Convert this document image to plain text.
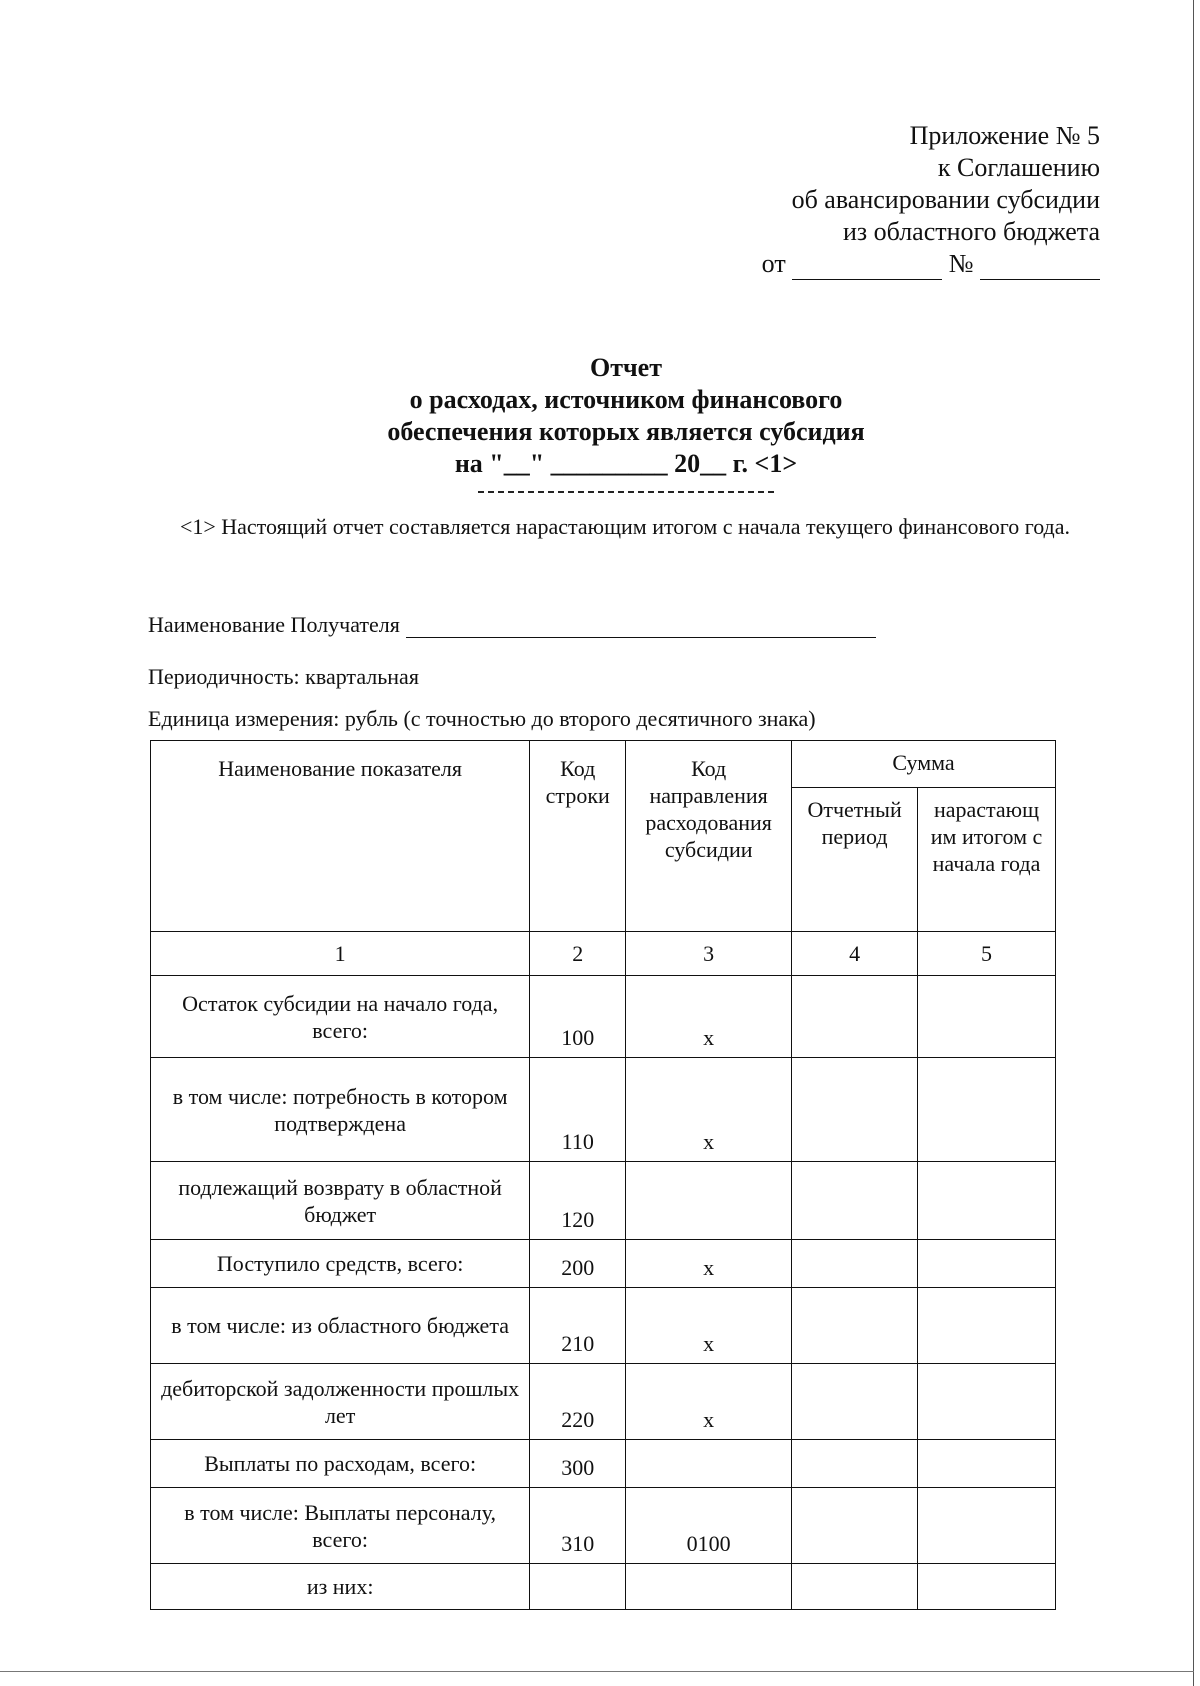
Приложение № 5
к Соглашению
об авансировании субсидии
из областного бюджета
от	№
Отчет
о расходах, источником финансового
обеспечения которых является субсидия
на "__" _________ 20__ г. <1>
<1> Настоящий отчет составляется нарастающим итогом с начала текущего финансового года.
Наименование Получателя
Периодичность: квартальная
Единица измерения: рубль (с точностью до второго десятичного знака)
Наименование показателя	Код строки	Код направления расходования субсидии	Сумма	
			Отчетный период	нарастающ им итогом с начала года
1	2	3	4	5
Остаток субсидии на начало года, всего:	100	x		
в том числе: потребность в котором подтверждена	110	x		
подлежащий возврату в областной бюджет	120			
Поступило средств, всего:	200	x		
в том числе: из областного бюджета	210	x		
дебиторской задолженности прошлых лет	220	x		
Выплаты по расходам, всего:	300			
в том числе: Выплаты персоналу, всего:	310	0100		
из них:				
